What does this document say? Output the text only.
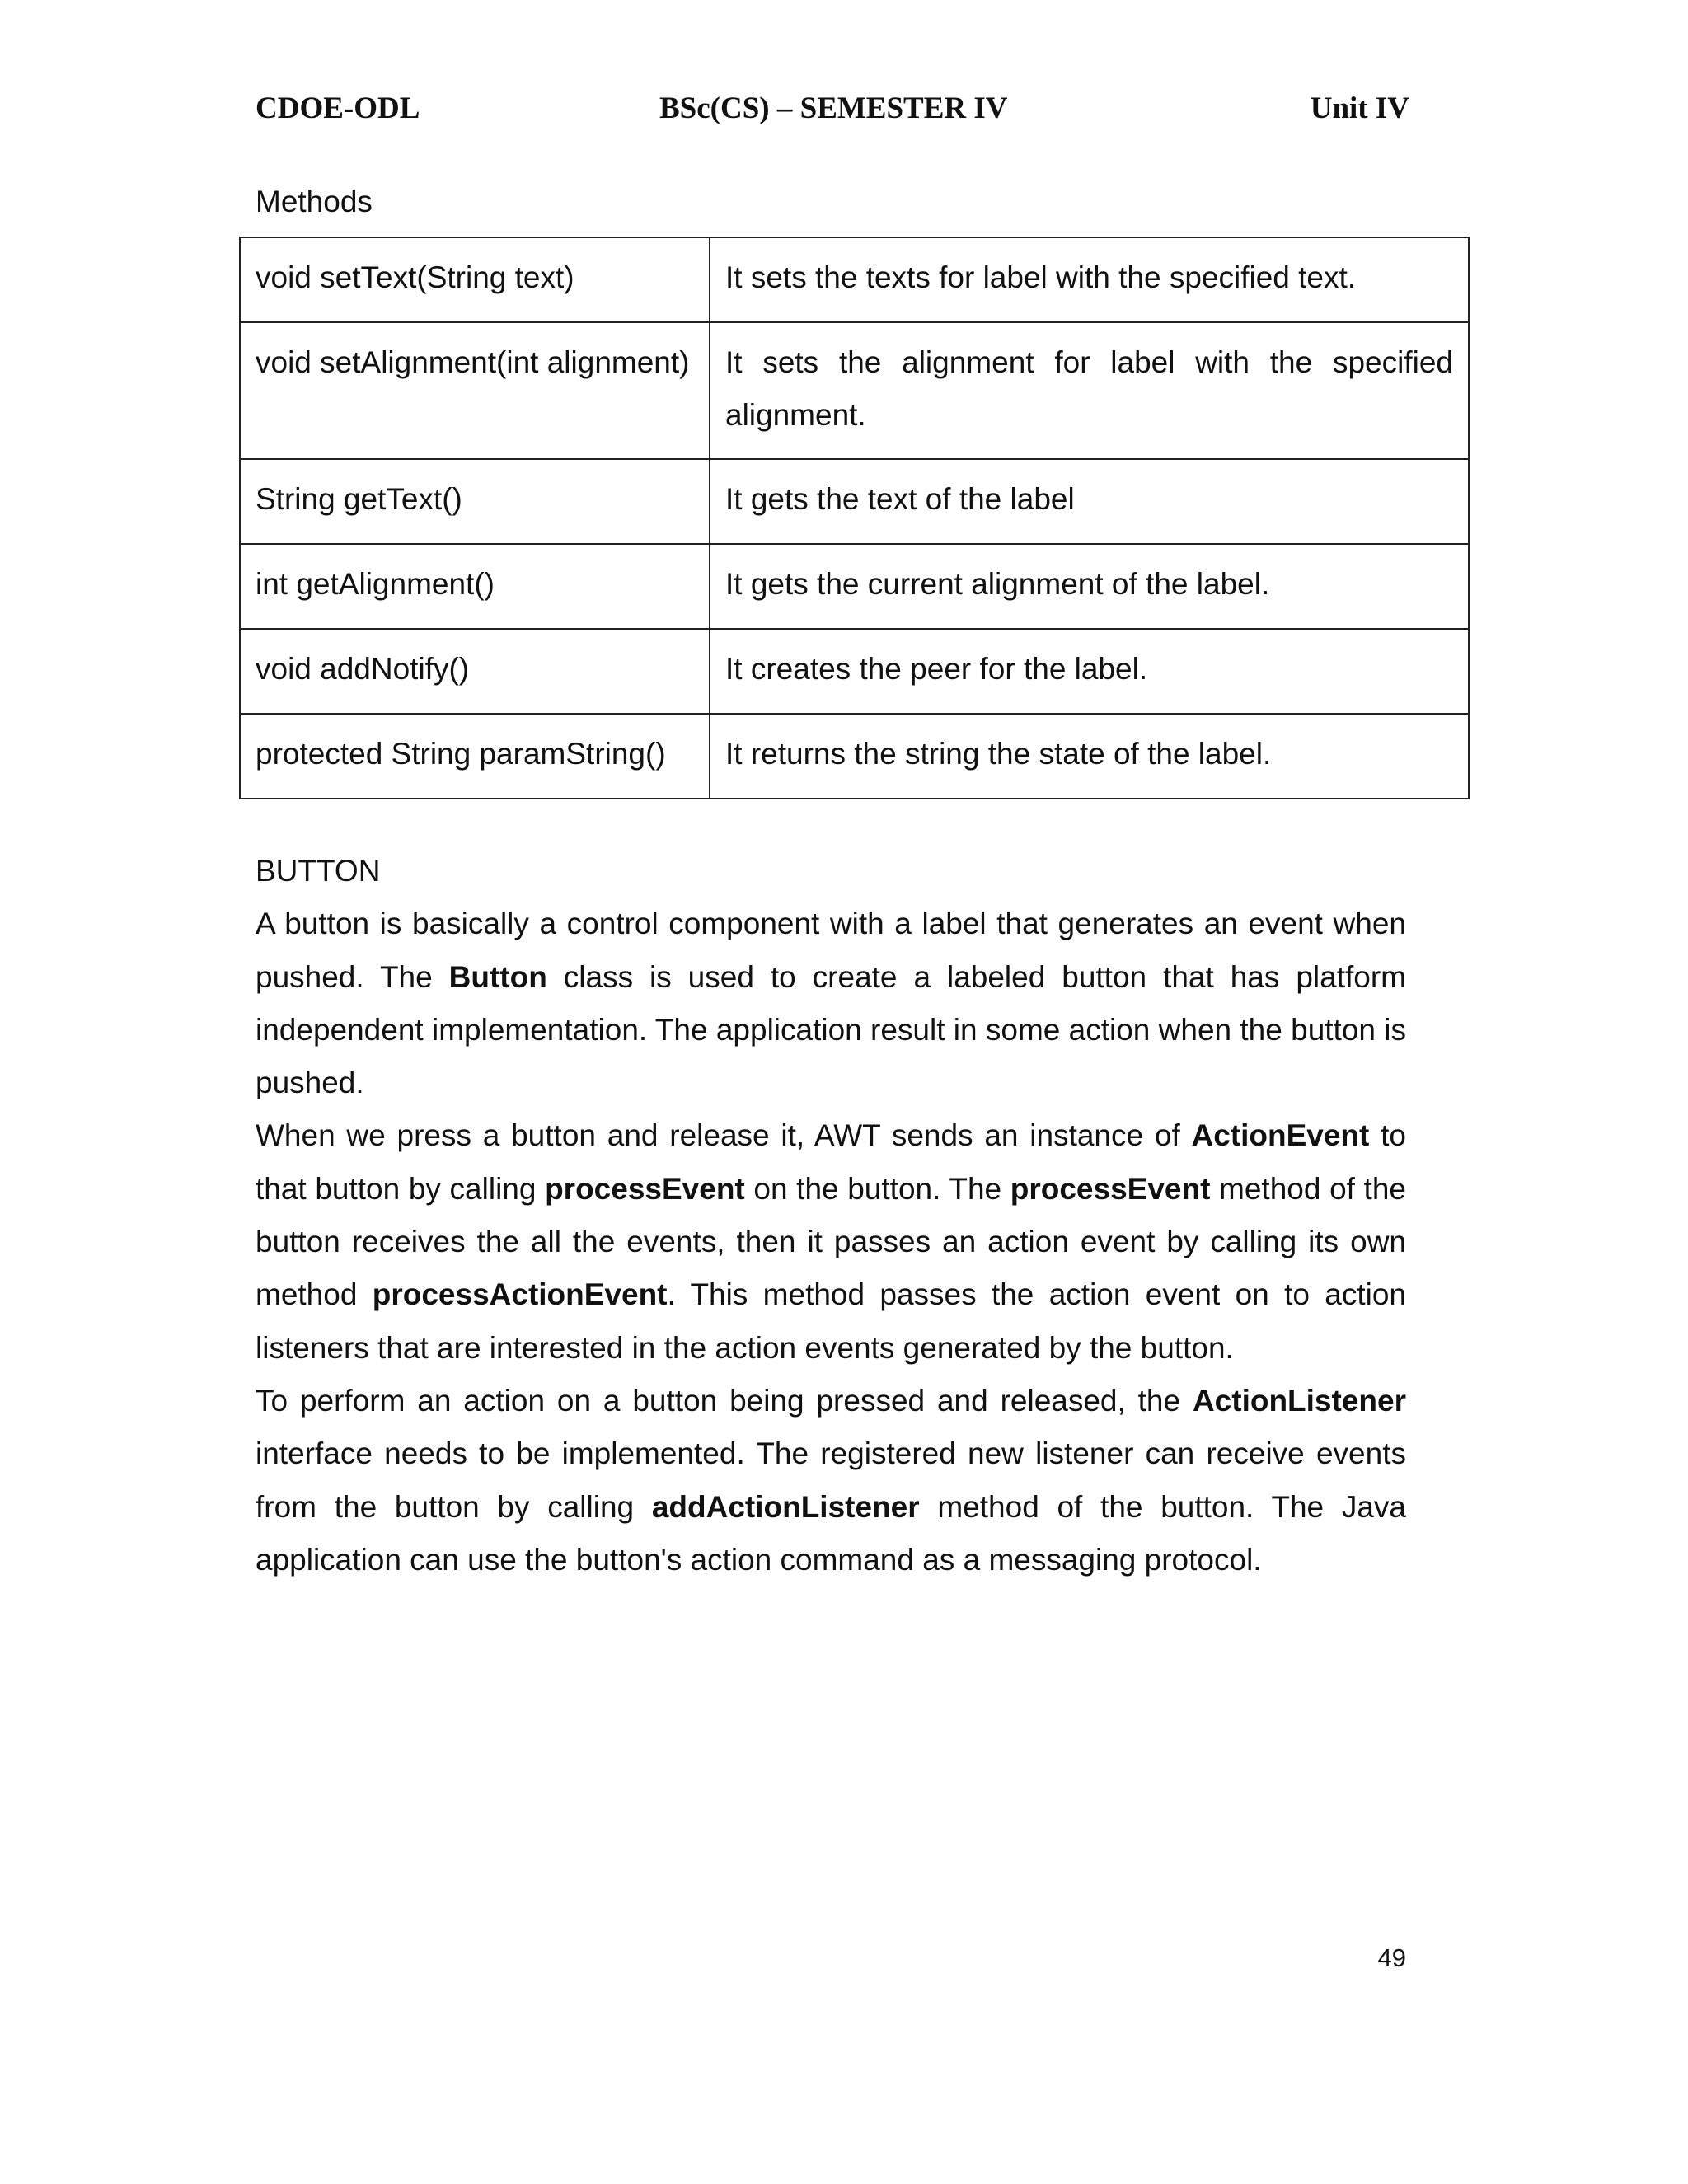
CDOE-ODL	BSc(CS) – SEMESTER IV	Unit IV
Methods
void setText(String text)	It sets the texts for label with the specified text.
void setAlignment(int alignment)	It sets the alignment for label with the specified alignment.
String getText()	It gets the text of the label
int getAlignment()	It gets the current alignment of the label.
void addNotify()	It creates the peer for the label.
protected String paramString()	It returns the string the state of the label.

BUTTON

A button is basically a control component with a label that generates an event when pushed. The Button class is used to create a labeled button that has platform independent implementation. The application result in some action when the button is pushed.

When we press a button and release it, AWT sends an instance of ActionEvent to that button by calling processEvent on the button. The processEvent method of the button receives the all the events, then it passes an action event by calling its own method processActionEvent. This method passes the action event on to action listeners that are interested in the action events generated by the button.

To perform an action on a button being pressed and released, the ActionListener interface needs to be implemented. The registered new listener can receive events from the button by calling addActionListener method of the button. The Java application can use the button's action command as a messaging protocol.

49
